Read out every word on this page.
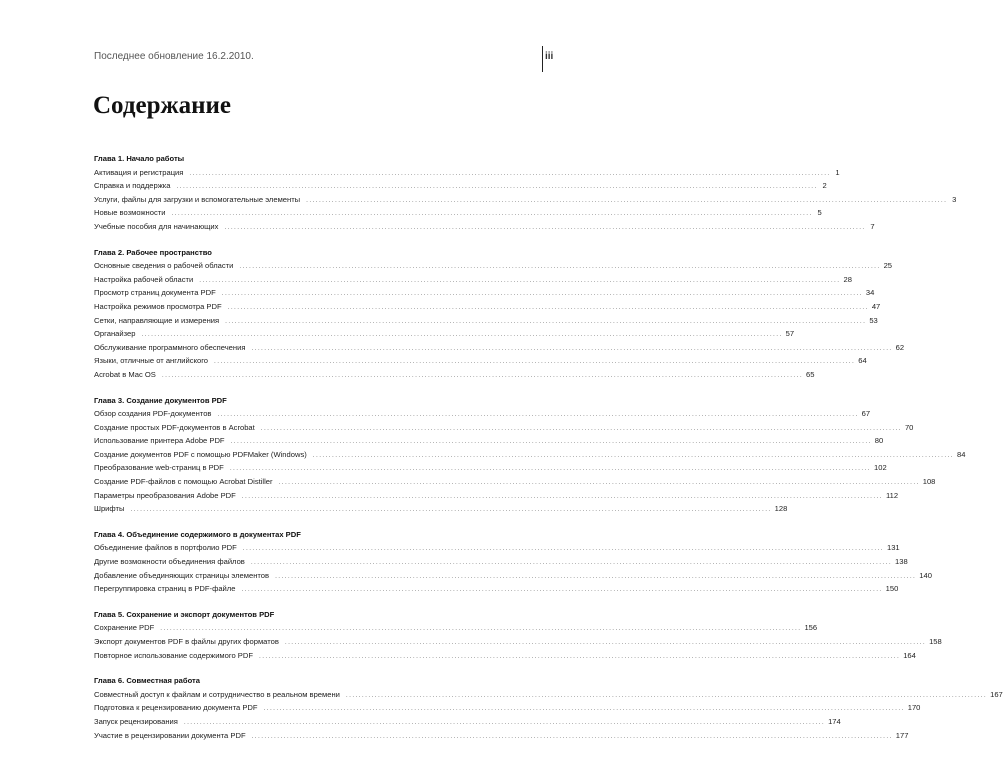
Последнее обновление 16.2.2010.	iii
Содержание
Глава 1. Начало работы
Активация и регистрация ........................................................................................................................................................................................................ 1
Справка и поддержка ........................................................................................................................................................................................................ 2
Услуги, файлы для загрузки и вспомогательные элементы ........................................................................................................................................................................................................ 3
Новые возможности ........................................................................................................................................................................................................ 5
Учебные пособия для начинающих ........................................................................................................................................................................................................ 7
Глава 2. Рабочее пространство
Основные сведения о рабочей области ........................................................................................................................................................................................................ 25
Настройка рабочей области ........................................................................................................................................................................................................ 28
Просмотр страниц документа PDF ........................................................................................................................................................................................................ 34
Настройка режимов просмотра PDF ........................................................................................................................................................................................................ 47
Сетки, направляющие и измерения ........................................................................................................................................................................................................ 53
Органайзер ........................................................................................................................................................................................................ 57
Обслуживание программного обеспечения ........................................................................................................................................................................................................ 62
Языки, отличные от английского ........................................................................................................................................................................................................ 64
Acrobat в Mac OS ........................................................................................................................................................................................................ 65
Глава 3. Создание документов PDF
Обзор создания PDF-документов ........................................................................................................................................................................................................ 67
Создание простых PDF-документов в Acrobat ........................................................................................................................................................................................................ 70
Использование принтера Adobe PDF ........................................................................................................................................................................................................ 80
Создание документов PDF с помощью PDFMaker (Windows) ........................................................................................................................................................................................................ 84
Преобразование web-страниц в PDF ........................................................................................................................................................................................................ 102
Создание PDF-файлов с помощью Acrobat Distiller ........................................................................................................................................................................................................ 108
Параметры преобразования Adobe PDF ........................................................................................................................................................................................................ 112
Шрифты ........................................................................................................................................................................................................ 128
Глава 4. Объединение содержимого в документах PDF
Объединение файлов в портфолио PDF ........................................................................................................................................................................................................ 131
Другие возможности объединения файлов ........................................................................................................................................................................................................ 138
Добавление объединяющих страницы элементов ........................................................................................................................................................................................................ 140
Перегруппировка страниц в PDF-файле ........................................................................................................................................................................................................ 150
Глава 5. Сохранение и экспорт документов PDF
Сохранение PDF ........................................................................................................................................................................................................ 156
Экспорт документов PDF в файлы других форматов ........................................................................................................................................................................................................ 158
Повторное использование содержимого PDF ........................................................................................................................................................................................................ 164
Глава 6. Совместная работа
Совместный доступ к файлам и сотрудничество в реальном времени ........................................................................................................................................................................................................ 167
Подготовка к рецензированию документа PDF ........................................................................................................................................................................................................ 170
Запуск рецензирования ........................................................................................................................................................................................................ 174
Участие в рецензировании документа PDF ........................................................................................................................................................................................................ 177
